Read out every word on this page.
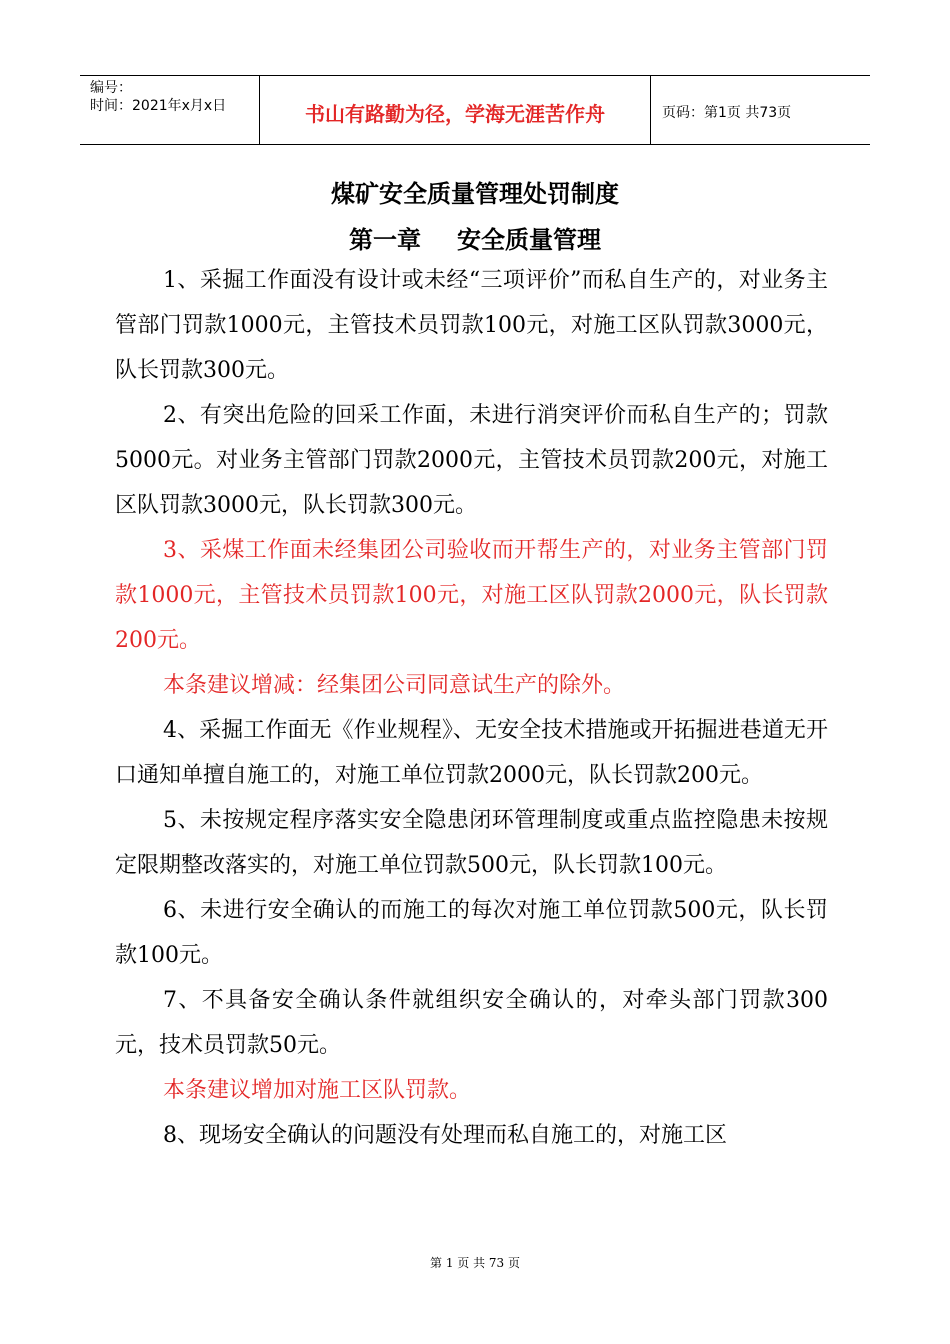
编号：
时间：2021年x月x日	书山有路勤为径，学海无涯苦作舟	页码：第1页 共73页
煤矿安全质量管理处罚制度
第一章 安全质量管理

1、采掘工作面没有设计或未经“三项评价”而私自生产的，对业务主管部门罚款1000元，主管技术员罚款100元，对施工区队罚款3000元，队长罚款300元。

2、有突出危险的回采工作面，未进行消突评价而私自生产的；罚款5000元。对业务主管部门罚款2000元，主管技术员罚款200元，对施工区队罚款3000元，队长罚款300元。

3、采煤工作面未经集团公司验收而开帮生产的，对业务主管部门罚款1000元，主管技术员罚款100元，对施工区队罚款2000元，队长罚款200元。

本条建议增减：经集团公司同意试生产的除外。

4、采掘工作面无《作业规程》、无安全技术措施或开拓掘进巷道无开口通知单擅自施工的，对施工单位罚款2000元，队长罚款200元。

5、未按规定程序落实安全隐患闭环管理制度或重点监控隐患未按规定限期整改落实的，对施工单位罚款500元，队长罚款100元。

6、未进行安全确认的而施工的每次对施工单位罚款500元，队长罚款100元。

7、不具备安全确认条件就组织安全确认的，对牵头部门罚款300元，技术员罚款50元。

本条建议增加对施工区队罚款。

8、现场安全确认的问题没有处理而私自施工的，对施工区

第 1 页 共 73 页
